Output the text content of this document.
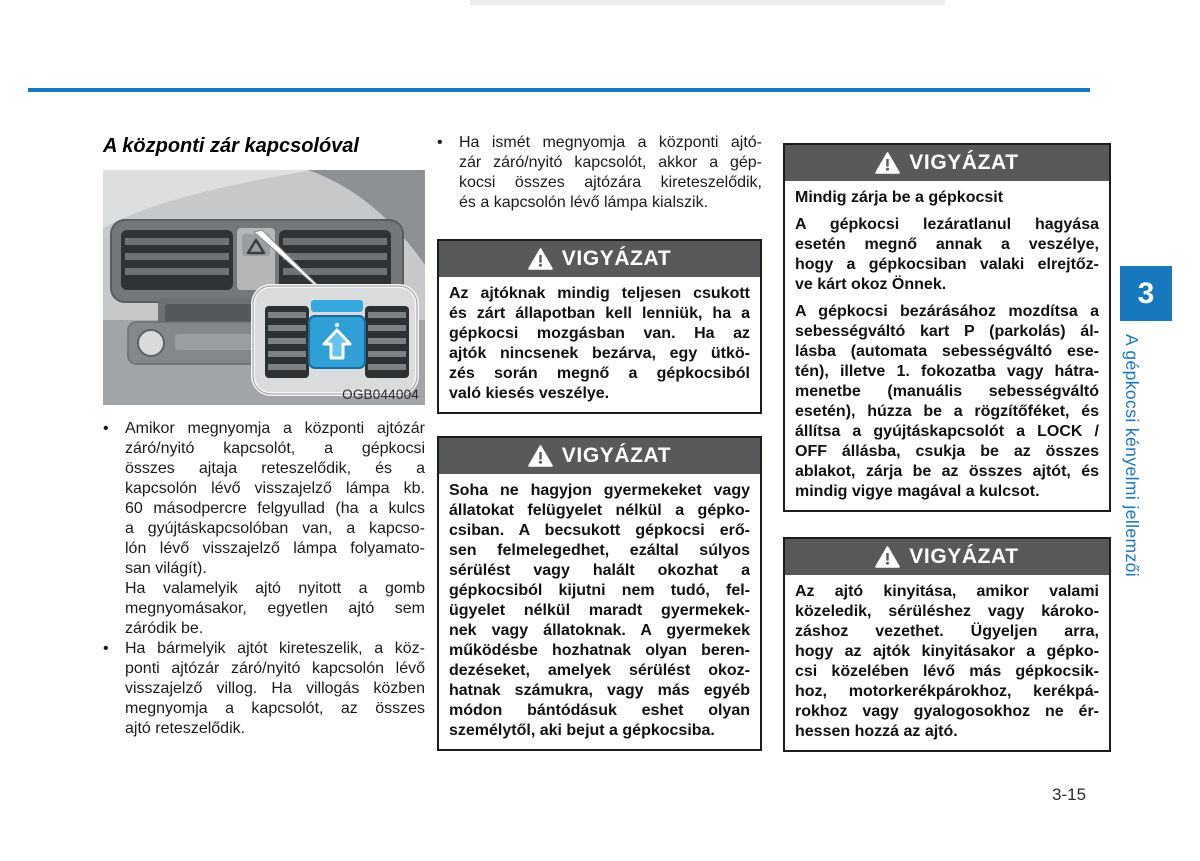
3
A gépkocsi kényelmi jellemzői
3-15
A központi zár kapcsolóval
OGB044004
•	Amikor megnyomja a központi ajtózár
záró/nyitó kapcsolót, a gépkocsi
összes ajtaja reteszelődik, és a
kapcsolón lévő visszajelző lámpa kb.
60 másodpercre felgyullad (ha a kulcs
a gyújtáskapcsolóban van, a kapcso-
lón lévő visszajelző lámpa folyamato-
san világít).
Ha valamelyik ajtó nyitott a gomb
megnyomásakor, egyetlen ajtó sem
záródik be.
•	Ha bármelyik ajtót kireteszelik, a köz-
ponti ajtózár záró/nyitó kapcsolón lévő
visszajelző villog. Ha villogás közben
megnyomja a kapcsolót, az összes
ajtó reteszelődik.
•	Ha ismét megnyomja a központi ajtó-
zár záró/nyitó kapcsolót, akkor a gép-
kocsi összes ajtózára kireteszelődik,
és a kapcsolón lévő lámpa kialszik.
VIGYÁZAT
Az ajtóknak mindig teljesen csukott
és zárt állapotban kell lenniük, ha a
gépkocsi mozgásban van. Ha az
ajtók nincsenek bezárva, egy ütkö-
zés során megnő a gépkocsiból
való kiesés veszélye.
VIGYÁZAT
Soha ne hagyjon gyermekeket vagy
állatokat felügyelet nélkül a gépko-
csiban. A becsukott gépkocsi erő-
sen felmelegedhet, ezáltal súlyos
sérülést vagy halált okozhat a
gépkocsiból kijutni nem tudó, fel-
ügyelet nélkül maradt gyermekek-
nek vagy állatoknak. A gyermekek
működésbe hozhatnak olyan beren-
dezéseket, amelyek sérülést okoz-
hatnak számukra, vagy más egyéb
módon bántódásuk eshet olyan
személytől, aki bejut a gépkocsiba.
VIGYÁZAT
Mindig zárja be a gépkocsit
A gépkocsi lezáratlanul hagyása
esetén megnő annak a veszélye,
hogy a gépkocsiban valaki elrejtőz-
ve kárt okoz Önnek.
A gépkocsi bezárásához mozdítsa a
sebességváltó kart P (parkolás) ál-
lásba (automata sebességváltó ese-
tén), illetve 1. fokozatba vagy hátra-
menetbe (manuális sebességváltó
esetén), húzza be a rögzítőféket, és
állítsa a gyújtáskapcsolót a LOCK /
OFF állásba, csukja be az összes
ablakot, zárja be az összes ajtót, és
mindig vigye magával a kulcsot.
VIGYÁZAT
Az ajtó kinyitása, amikor valami
közeledik, sérüléshez vagy károko-
záshoz vezethet. Ügyeljen arra,
hogy az ajtók kinyitásakor a gépko-
csi közelében lévő más gépkocsik-
hoz, motorkerékpárokhoz, kerékpá-
rokhoz vagy gyalogosokhoz ne ér-
hessen hozzá az ajtó.
